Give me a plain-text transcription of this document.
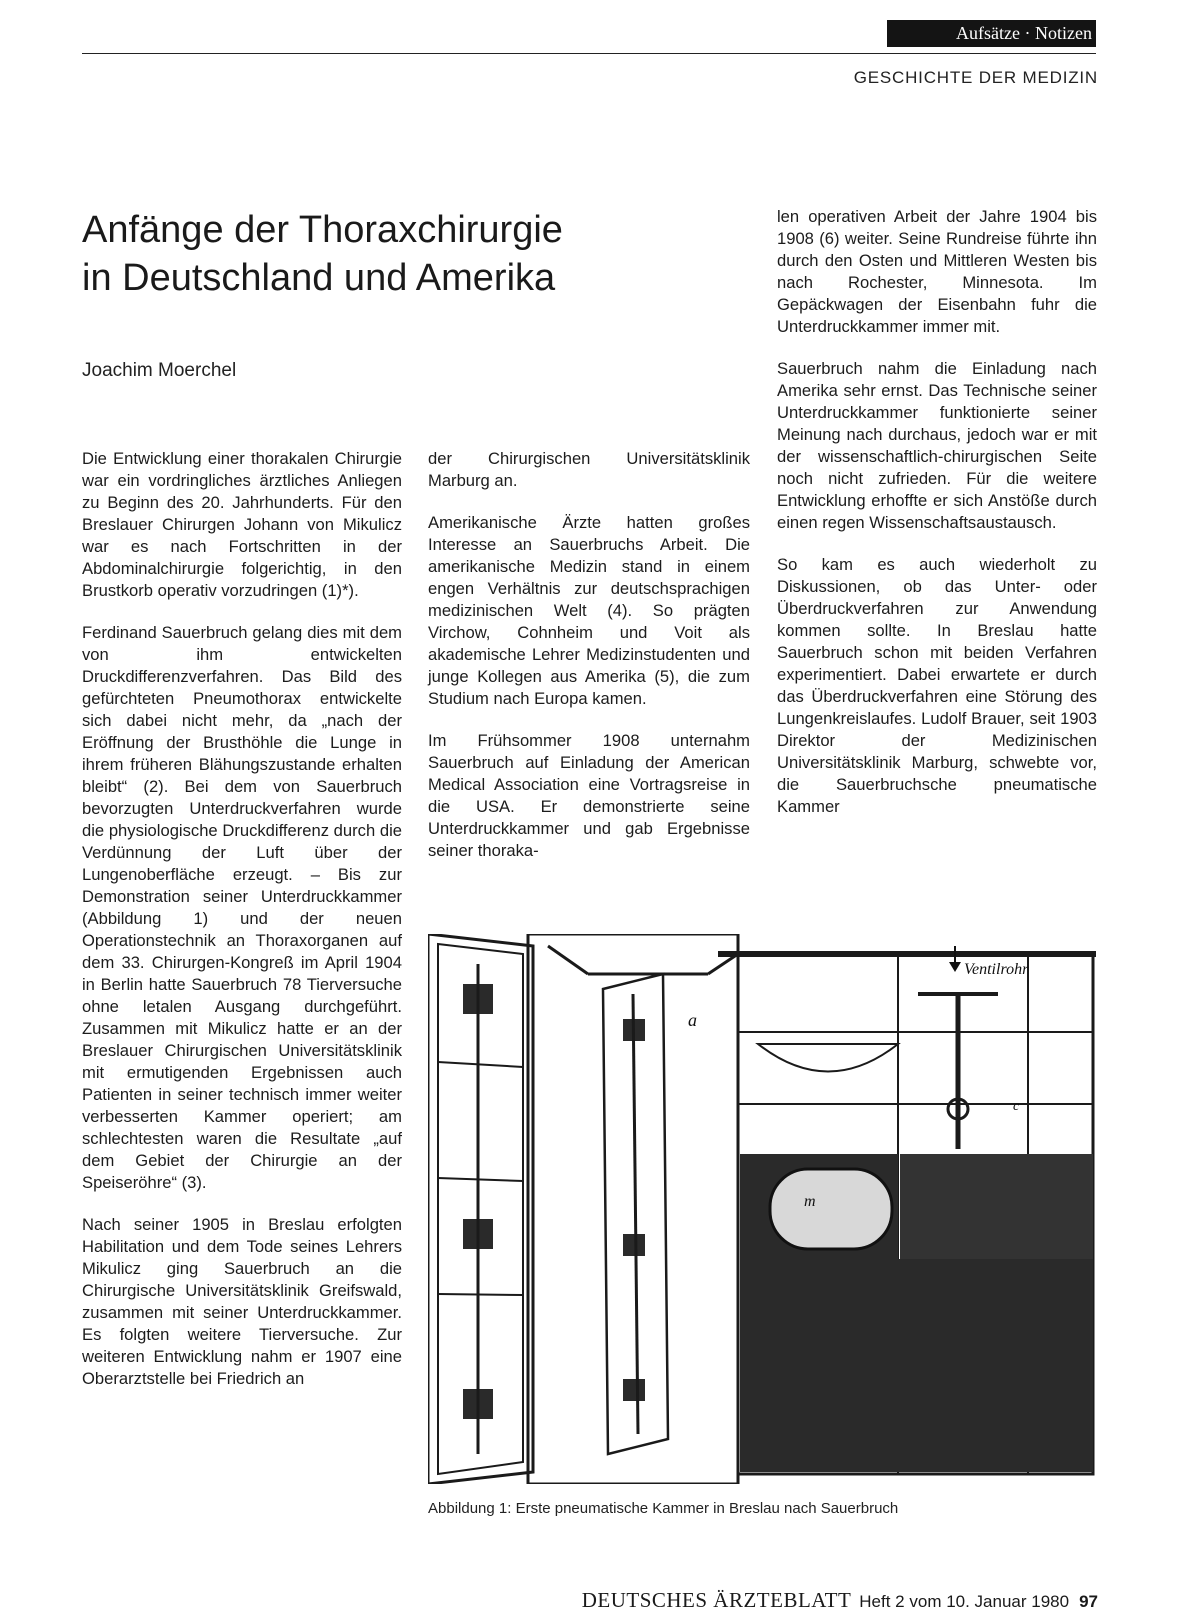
Aufsätze · Notizen
GESCHICHTE DER MEDIZIN
Anfänge der Thoraxchirurgie
in Deutschland und Amerika
Joachim Moerchel

Die Entwicklung einer thorakalen Chirurgie war ein vordringliches ärztliches Anliegen zu Beginn des 20. Jahrhunderts. Für den Breslauer Chirurgen Johann von Mikulicz war es nach Fortschritten in der Abdominalchirurgie folgerichtig, in den Brustkorb operativ vorzudringen (1)*).

Ferdinand Sauerbruch gelang dies mit dem von ihm entwickelten Druckdifferenzverfahren. Das Bild des gefürchteten Pneumothorax entwickelte sich dabei nicht mehr, da „nach der Eröffnung der Brusthöhle die Lunge in ihrem früheren Blähungszustande erhalten bleibt“ (2). Bei dem von Sauerbruch bevorzugten Unterdruckverfahren wurde die physiologische Druckdifferenz durch die Verdünnung der Luft über der Lungenoberfläche erzeugt. – Bis zur Demonstration seiner Unterdruckkammer (Abbildung 1) und der neuen Operationstechnik an Thoraxorganen auf dem 33. Chirurgen-Kongreß im April 1904 in Berlin hatte Sauerbruch 78 Tierversuche ohne letalen Ausgang durchgeführt. Zusammen mit Mikulicz hatte er an der Breslauer Chirurgischen Universitätsklinik mit ermutigenden Ergebnissen auch Patienten in seiner technisch immer weiter verbesserten Kammer operiert; am schlechtesten waren die Resultate „auf dem Gebiet der Chirurgie an der Speiseröhre“ (3).

Nach seiner 1905 in Breslau erfolgten Habilitation und dem Tode seines Lehrers Mikulicz ging Sauerbruch an die Chirurgische Universitätsklinik Greifswald, zusammen mit seiner Unterdruckkammer. Es folgten weitere Tierversuche. Zur weiteren Entwicklung nahm er 1907 eine Oberarztstelle bei Friedrich an

der Chirurgischen Universitätsklinik Marburg an.

Amerikanische Ärzte hatten großes Interesse an Sauerbruchs Arbeit. Die amerikanische Medizin stand in einem engen Verhältnis zur deutschsprachigen medizinischen Welt (4). So prägten Virchow, Cohnheim und Voit als akademische Lehrer Medizinstudenten und junge Kollegen aus Amerika (5), die zum Studium nach Europa kamen.

Im Frühsommer 1908 unternahm Sauerbruch auf Einladung der American Medical Association eine Vortragsreise in die USA. Er demonstrierte seine Unterdruckkammer und gab Ergebnisse seiner thoraka-

len operativen Arbeit der Jahre 1904 bis 1908 (6) weiter. Seine Rundreise führte ihn durch den Osten und Mittleren Westen bis nach Rochester, Minnesota. Im Gepäckwagen der Eisenbahn fuhr die Unterdruckkammer immer mit.

Sauerbruch nahm die Einladung nach Amerika sehr ernst. Das Technische seiner Unterdruckkammer funktionierte seiner Meinung nach durchaus, jedoch war er mit der wissenschaftlich-chirurgischen Seite noch nicht zufrieden. Für die weitere Entwicklung erhoffte er sich Anstöße durch einen regen Wissenschaftsaustausch.

So kam es auch wiederholt zu Diskussionen, ob das Unter- oder Überdruckverfahren zur Anwendung kommen sollte. In Breslau hatte Sauerbruch schon mit beiden Verfahren experimentiert. Dabei erwartete er durch das Überdruckverfahren eine Störung des Lungenkreislaufes. Ludolf Brauer, seit 1903 Direktor der Medizinischen Universitätsklinik Marburg, schwebte vor, die Sauerbruchsche pneumatische Kammer

Ventilrohr
a
m
c
Abbildung 1: Erste pneumatische Kammer in Breslau nach Sauerbruch
DEUTSCHES ÄRZTEBLATT Heft 2 vom 10. Januar 1980 97
